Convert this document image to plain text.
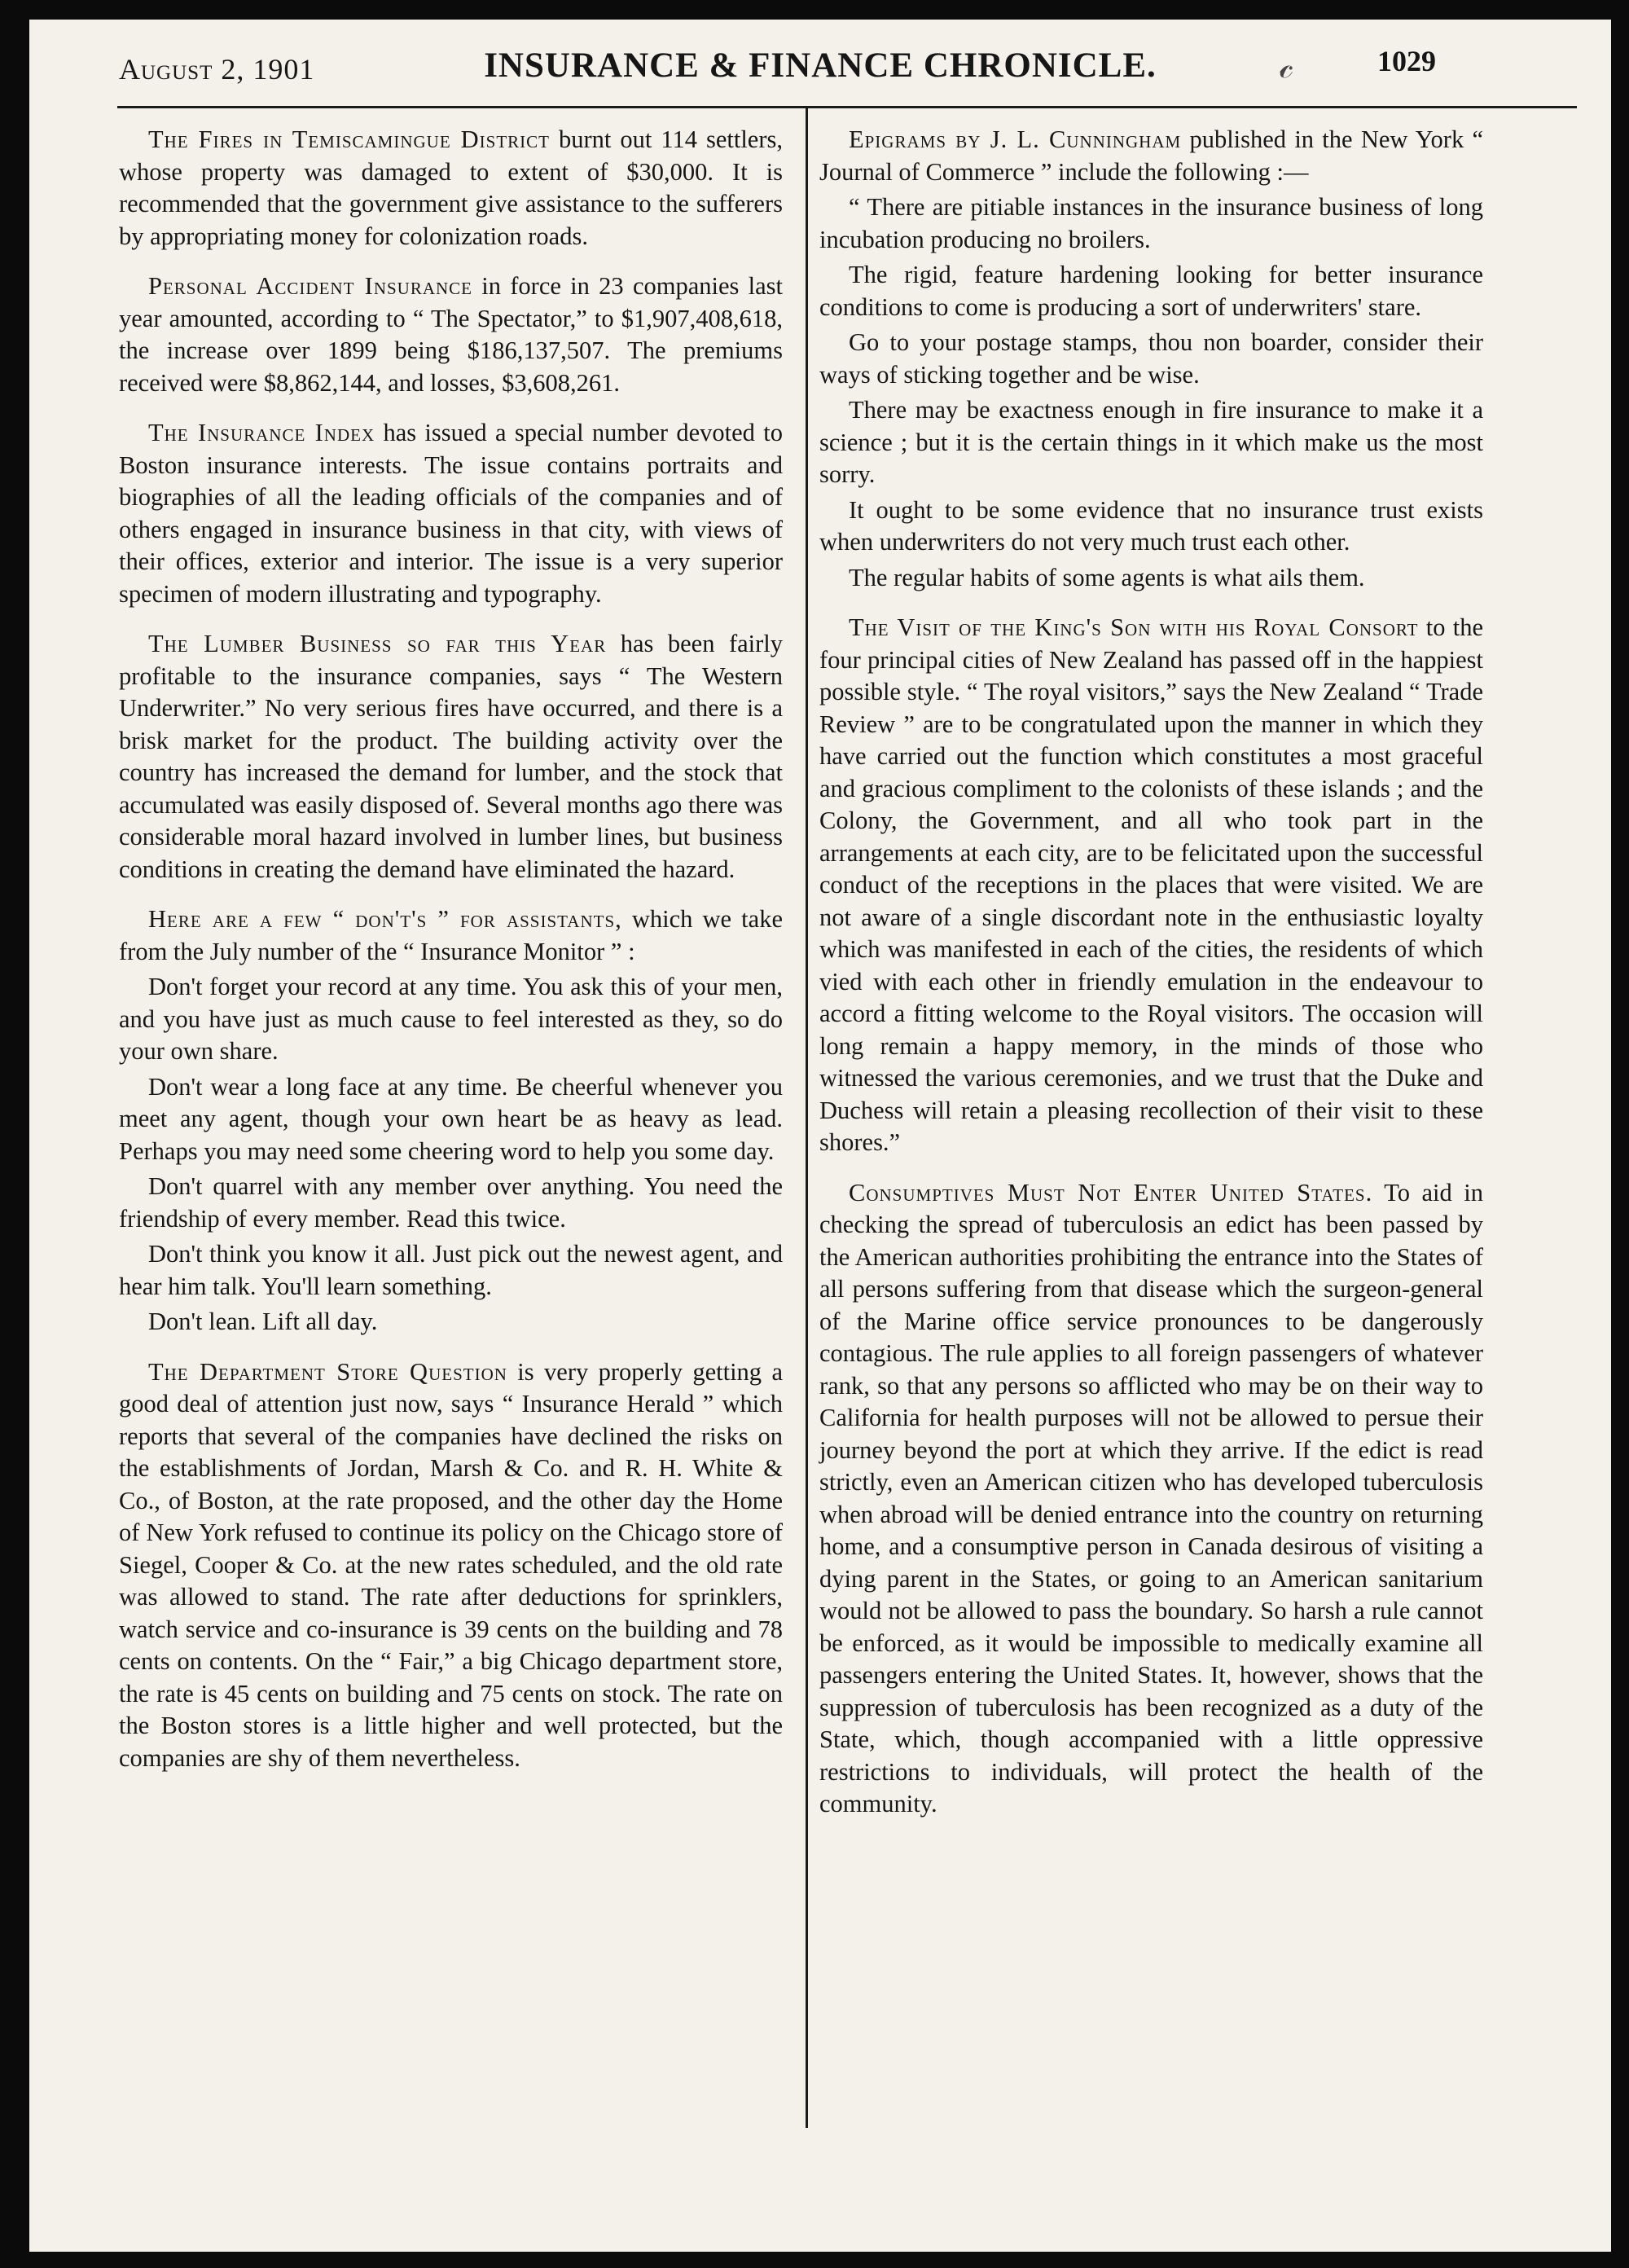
August 2, 1901	INSURANCE & FINANCE CHRONICLE.	𝒸	1029

The Fires in Temiscamingue District burnt out 114 settlers, whose property was damaged to extent of $30,000. It is recommended that the government give assistance to the sufferers by appropriating money for colonization roads.

Personal Accident Insurance in force in 23 companies last year amounted, according to “ The Spectator,” to $1,907,408,618, the increase over 1899 being $186,137,507. The premiums received were $8,862,144, and losses, $3,608,261.

The Insurance Index has issued a special number devoted to Boston insurance interests. The issue contains portraits and biographies of all the leading officials of the companies and of others engaged in insurance business in that city, with views of their offices, exterior and interior. The issue is a very superior specimen of modern illustrating and typography.

The Lumber Business so far this Year has been fairly profitable to the insurance companies, says “ The Western Underwriter.” No very serious fires have occurred, and there is a brisk market for the product. The building activity over the country has increased the demand for lumber, and the stock that accumulated was easily disposed of. Several months ago there was considerable moral hazard involved in lumber lines, but business conditions in creating the demand have eliminated the hazard.

Here are a few “ don't's ” for assistants, which we take from the July number of the “ Insurance Monitor ” :

Don't forget your record at any time. You ask this of your men, and you have just as much cause to feel interested as they, so do your own share.

Don't wear a long face at any time. Be cheerful whenever you meet any agent, though your own heart be as heavy as lead. Perhaps you may need some cheering word to help you some day.

Don't quarrel with any member over anything. You need the friendship of every member. Read this twice.

Don't think you know it all. Just pick out the newest agent, and hear him talk. You'll learn something.

Don't lean. Lift all day.

The Department Store Question is very properly getting a good deal of attention just now, says “ Insurance Herald ” which reports that several of the companies have declined the risks on the establishments of Jordan, Marsh & Co. and R. H. White & Co., of Boston, at the rate proposed, and the other day the Home of New York refused to continue its policy on the Chicago store of Siegel, Cooper & Co. at the new rates scheduled, and the old rate was allowed to stand. The rate after deductions for sprinklers, watch service and co-insurance is 39 cents on the building and 78 cents on contents. On the “ Fair,” a big Chicago department store, the rate is 45 cents on building and 75 cents on stock. The rate on the Boston stores is a little higher and well protected, but the companies are shy of them nevertheless.

Epigrams by J. L. Cunningham published in the New York “ Journal of Commerce ” include the following :—

“ There are pitiable instances in the insurance business of long incubation producing no broilers.

The rigid, feature hardening looking for better insurance conditions to come is producing a sort of underwriters' stare.

Go to your postage stamps, thou non boarder, consider their ways of sticking together and be wise.

There may be exactness enough in fire insurance to make it a science ; but it is the certain things in it which make us the most sorry.

It ought to be some evidence that no insurance trust exists when underwriters do not very much trust each other.

The regular habits of some agents is what ails them.

The Visit of the King's Son with his Royal Consort to the four principal cities of New Zealand has passed off in the happiest possible style. “ The royal visitors,” says the New Zealand “ Trade Review ” are to be congratulated upon the manner in which they have carried out the function which constitutes a most graceful and gracious compliment to the colonists of these islands ; and the Colony, the Government, and all who took part in the arrangements at each city, are to be felicitated upon the successful conduct of the receptions in the places that were visited. We are not aware of a single discordant note in the enthusiastic loyalty which was manifested in each of the cities, the residents of which vied with each other in friendly emulation in the endeavour to accord a fitting welcome to the Royal visitors. The occasion will long remain a happy memory, in the minds of those who witnessed the various ceremonies, and we trust that the Duke and Duchess will retain a pleasing recollection of their visit to these shores.”

Consumptives Must Not Enter United States. To aid in checking the spread of tuberculosis an edict has been passed by the American authorities prohibiting the entrance into the States of all persons suffering from that disease which the surgeon-general of the Marine office service pronounces to be dangerously contagious. The rule applies to all foreign passengers of whatever rank, so that any persons so afflicted who may be on their way to California for health purposes will not be allowed to persue their journey beyond the port at which they arrive. If the edict is read strictly, even an American citizen who has developed tuberculosis when abroad will be denied entrance into the country on returning home, and a consumptive person in Canada desirous of visiting a dying parent in the States, or going to an American sanitarium would not be allowed to pass the boundary. So harsh a rule cannot be enforced, as it would be impossible to medically examine all passengers entering the United States. It, however, shows that the suppression of tuberculosis has been recognized as a duty of the State, which, though accompanied with a little oppressive restrictions to individuals, will protect the health of the community.
